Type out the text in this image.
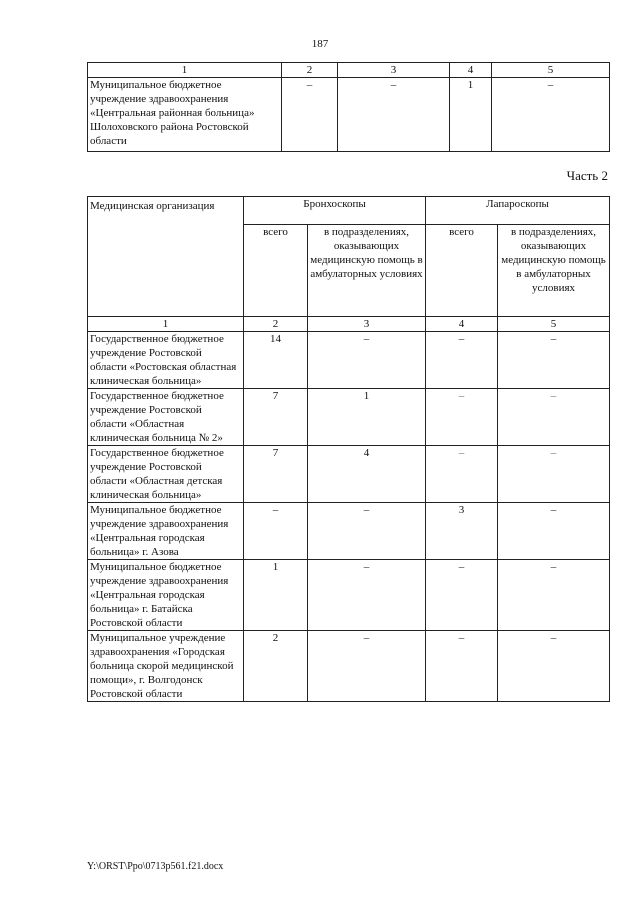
187
1	2	3	4	5
Муниципальное бюджетное учреждение здравоохранения «Центральная районная больница» Шолоховского района Ростовской области	–	–	1	–
Часть 2
Медицинская организация	Бронхоскопы		Лапароскопы	
	всего	в подразделениях, оказывающих медицинскую помощь в амбулаторных условиях	всего	в подразделениях, оказывающих медицинскую помощь в амбулаторных условиях
1	2	3	4	5
Государственное бюджетное учреждение Ростовской области «Ростовская областная клиническая больница»	14	–	–	–
Государственное бюджетное учреждение Ростовской области «Областная клиническая больница № 2»	7	1	–	–
Государственное бюджетное учреждение Ростовской области «Областная детская клиническая больница»	7	4	–	–
Муниципальное бюджетное учреждение здравоохранения «Центральная городская больница» г. Азова	–	–	3	–
Муниципальное бюджетное учреждение здравоохранения «Центральная городская больница» г. Батайска Ростовской области	1	–	–	–
Муниципальное учреждение здравоохранения «Городская больница скорой медицинской помощи», г. Волгодонск Ростовской области	2	–	–	–
Y:\ORST\Ppo\0713p561.f21.docx
